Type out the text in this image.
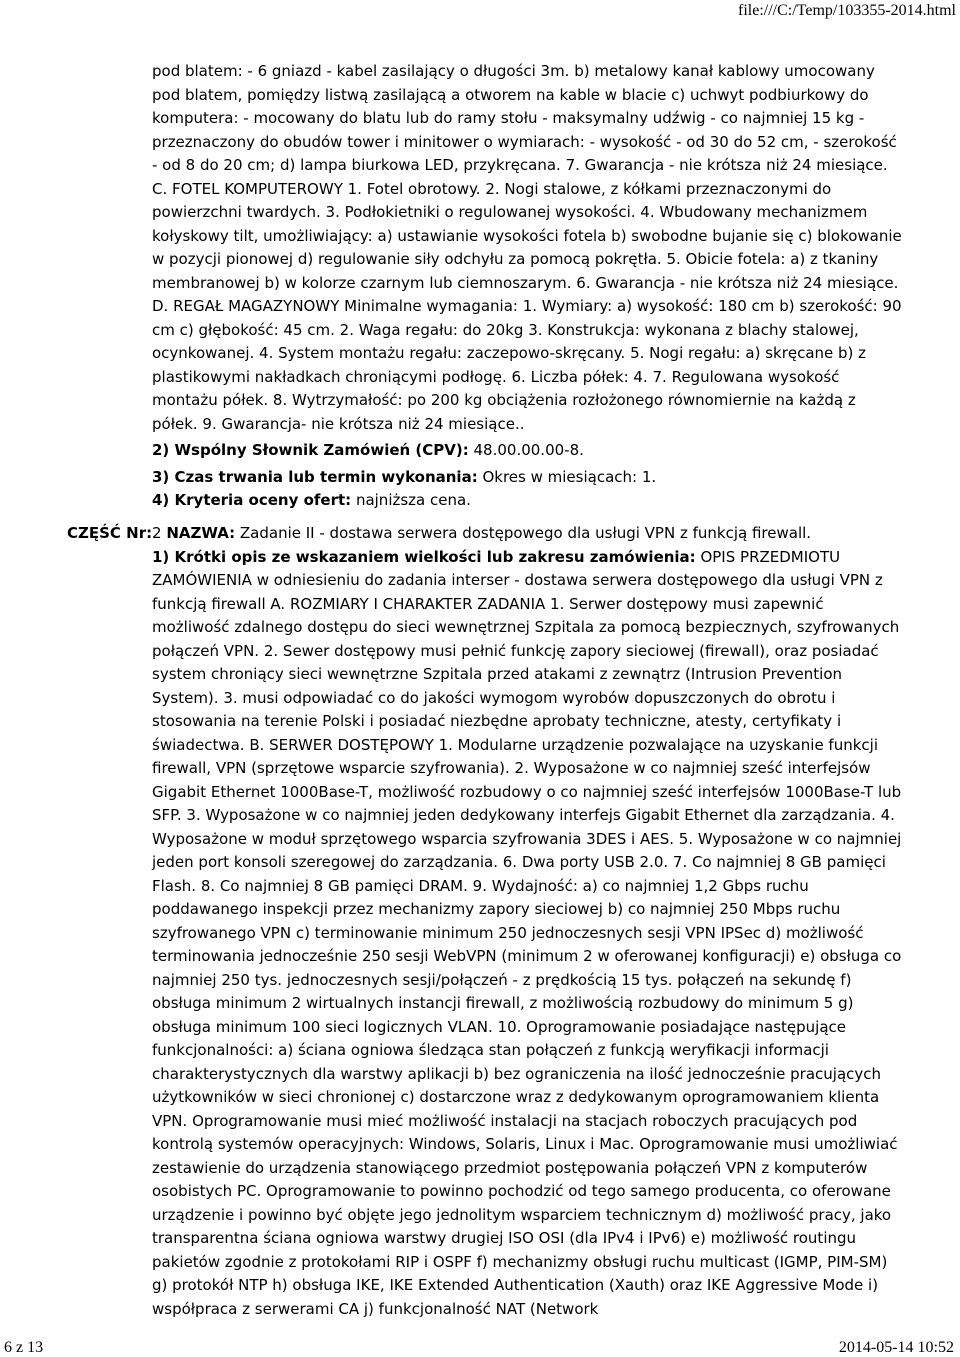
file:///C:/Temp/103355-2014.html

pod blatem: - 6 gniazd - kabel zasilający o długości 3m. b) metalowy kanał kablowy umocowany pod blatem, pomiędzy listwą zasilającą a otworem na kable w blacie c) uchwyt podbiurkowy do komputera: - mocowany do blatu lub do ramy stołu - maksymalny udźwig - co najmniej 15 kg - przeznaczony do obudów tower i minitower o wymiarach: - wysokość - od 30 do 52 cm, - szerokość - od 8 do 20 cm; d) lampa biurkowa LED, przykręcana. 7. Gwarancja - nie krótsza niż 24 miesiące. C. FOTEL KOMPUTEROWY 1. Fotel obrotowy. 2. Nogi stalowe, z kółkami przeznaczonymi do powierzchni twardych. 3. Podłokietniki o regulowanej wysokości. 4. Wbudowany mechanizmem kołyskowy tilt, umożliwiający: a) ustawianie wysokości fotela b) swobodne bujanie się c) blokowanie w pozycji pionowej d) regulowanie siły odchyłu za pomocą pokrętła. 5. Obicie fotela: a) z tkaniny membranowej b) w kolorze czarnym lub ciemnoszarym. 6. Gwarancja - nie krótsza niż 24 miesiące. D. REGAŁ MAGAZYNOWY Minimalne wymagania: 1. Wymiary: a) wysokość: 180 cm b) szerokość: 90 cm c) głębokość: 45 cm. 2. Waga regału: do 20kg 3. Konstrukcja: wykonana z blachy stalowej, ocynkowanej. 4. System montażu regału: zaczepowo-skręcany. 5. Nogi regału: a) skręcane b) z plastikowymi nakładkach chroniącymi podłogę. 6. Liczba półek: 4. 7. Regulowana wysokość montażu półek. 8. Wytrzymałość: po 200 kg obciążenia rozłożonego równomiernie na każdą z półek. 9. Gwarancja- nie krótsza niż 24 miesiące..

2) Wspólny Słownik Zamówień (CPV): 48.00.00.00-8.

3) Czas trwania lub termin wykonania: Okres w miesiącach: 1.

4) Kryteria oceny ofert: najniższa cena.

CZĘŚĆ Nr: 2 NAZWA: Zadanie II - dostawa serwera dostępowego dla usługi VPN z funkcją firewall.

1) Krótki opis ze wskazaniem wielkości lub zakresu zamówienia: OPIS PRZEDMIOTU ZAMÓWIENIA w odniesieniu do zadania interser - dostawa serwera dostępowego dla usługi VPN z funkcją firewall A. ROZMIARY I CHARAKTER ZADANIA 1. Serwer dostępowy musi zapewnić możliwość zdalnego dostępu do sieci wewnętrznej Szpitala za pomocą bezpiecznych, szyfrowanych połączeń VPN. 2. Sewer dostępowy musi pełnić funkcję zapory sieciowej (firewall), oraz posiadać system chroniący sieci wewnętrzne Szpitala przed atakami z zewnątrz (Intrusion Prevention System). 3. musi odpowiadać co do jakości wymogom wyrobów dopuszczonych do obrotu i stosowania na terenie Polski i posiadać niezbędne aprobaty techniczne, atesty, certyfikaty i świadectwa. B. SERWER DOSTĘPOWY 1. Modularne urządzenie pozwalające na uzyskanie funkcji firewall, VPN (sprzętowe wsparcie szyfrowania). 2. Wyposażone w co najmniej sześć interfejsów Gigabit Ethernet 1000Base-T, możliwość rozbudowy o co najmniej sześć interfejsów 1000Base-T lub SFP. 3. Wyposażone w co najmniej jeden dedykowany interfejs Gigabit Ethernet dla zarządzania. 4. Wyposażone w moduł sprzętowego wsparcia szyfrowania 3DES i AES. 5. Wyposażone w co najmniej jeden port konsoli szeregowej do zarządzania. 6. Dwa porty USB 2.0. 7. Co najmniej 8 GB pamięci Flash. 8. Co najmniej 8 GB pamięci DRAM. 9. Wydajność: a) co najmniej 1,2 Gbps ruchu poddawanego inspekcji przez mechanizmy zapory sieciowej b) co najmniej 250 Mbps ruchu szyfrowanego VPN c) terminowanie minimum 250 jednoczesnych sesji VPN IPSec d) możliwość terminowania jednocześnie 250 sesji WebVPN (minimum 2 w oferowanej konfiguracji) e) obsługa co najmniej 250 tys. jednoczesnych sesji/połączeń - z prędkością 15 tys. połączeń na sekundę f) obsługa minimum 2 wirtualnych instancji firewall, z możliwością rozbudowy do minimum 5 g) obsługa minimum 100 sieci logicznych VLAN. 10. Oprogramowanie posiadające następujące funkcjonalności: a) ściana ogniowa śledząca stan połączeń z funkcją weryfikacji informacji charakterystycznych dla warstwy aplikacji b) bez ograniczenia na ilość jednocześnie pracujących użytkowników w sieci chronionej c) dostarczone wraz z dedykowanym oprogramowaniem klienta VPN. Oprogramowanie musi mieć możliwość instalacji na stacjach roboczych pracujących pod kontrolą systemów operacyjnych: Windows, Solaris, Linux i Mac. Oprogramowanie musi umożliwiać zestawienie do urządzenia stanowiącego przedmiot postępowania połączeń VPN z komputerów osobistych PC. Oprogramowanie to powinno pochodzić od tego samego producenta, co oferowane urządzenie i powinno być objęte jego jednolitym wsparciem technicznym d) możliwość pracy, jako transparentna ściana ogniowa warstwy drugiej ISO OSI (dla IPv4 i IPv6) e) możliwość routingu pakietów zgodnie z protokołami RIP i OSPF f) mechanizmy obsługi ruchu multicast (IGMP, PIM-SM) g) protokół NTP h) obsługa IKE, IKE Extended Authentication (Xauth) oraz IKE Aggressive Mode i) współpraca z serwerami CA j) funkcjonalność NAT (Network

6 z 13	2014-05-14 10:52
